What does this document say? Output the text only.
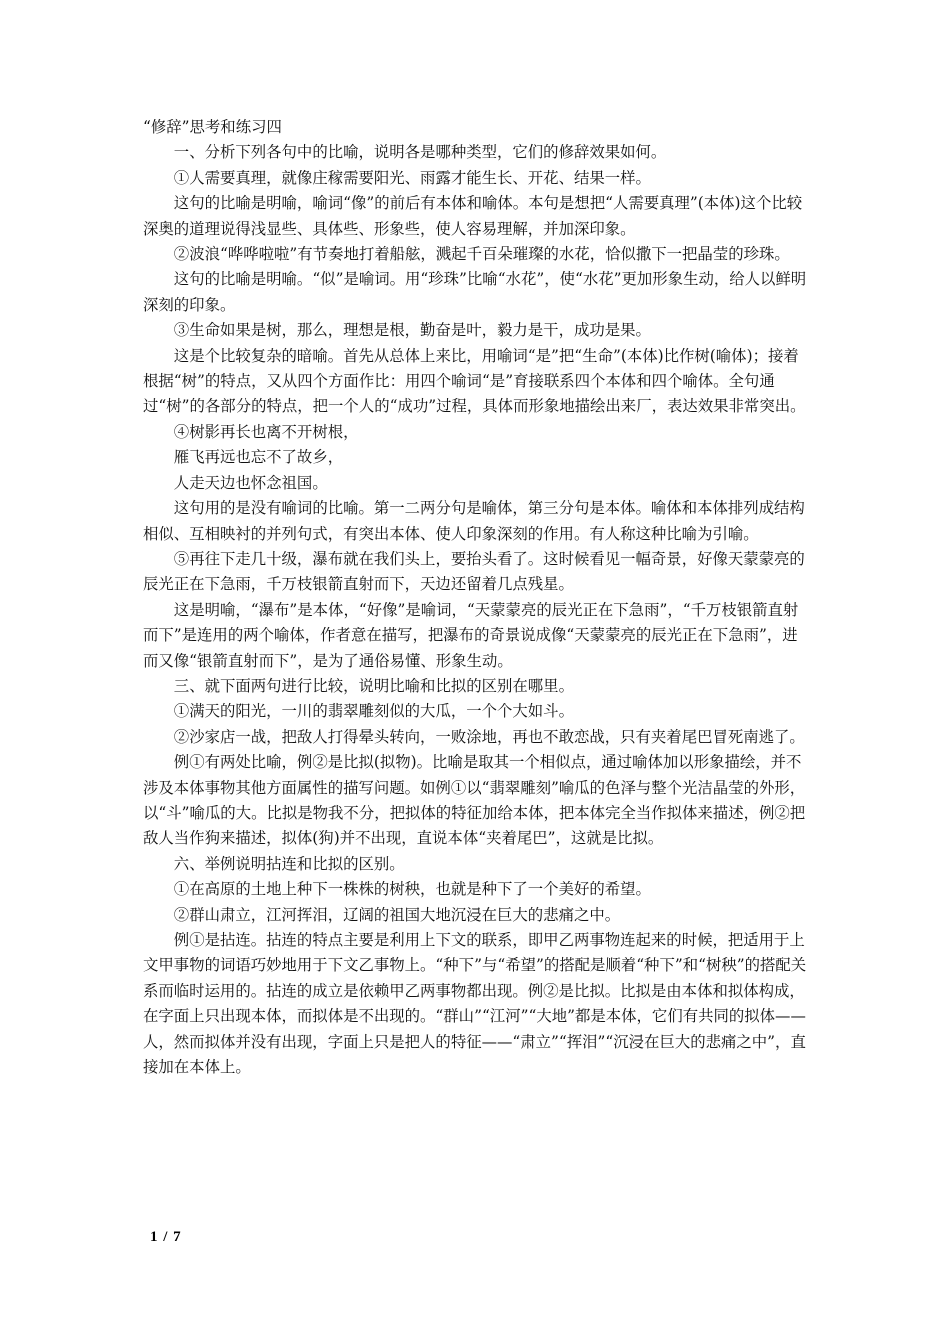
“修辞”思考和练习四

一、分析下列各句中的比喻，说明各是哪种类型，它们的修辞效果如何。

①人需要真理，就像庄稼需要阳光、雨露才能生长、开花、结果一样。

这句的比喻是明喻，喻词“像”的前后有本体和喻体。本句是想把“人需要真理”(本体)这个比较深奥的道理说得浅显些、具体些、形象些，使人容易理解，并加深印象。

②波浪“哗哗啦啦”有节奏地打着船舷，溅起千百朵璀璨的水花，恰似撒下一把晶莹的珍珠。

这句的比喻是明喻。“似”是喻词。用“珍珠”比喻“水花”，使“水花”更加形象生动，给人以鲜明深刻的印象。

③生命如果是树，那么，理想是根，勤奋是叶，毅力是干，成功是果。

这是个比较复杂的暗喻。首先从总体上来比，用喻词“是”把“生命”(本体)比作树(喻体)；接着根据“树”的特点，又从四个方面作比：用四个喻词“是”育接联系四个本体和四个喻体。全句通过“树”的各部分的特点，把一个人的“成功”过程，具体而形象地描绘出来厂，表达效果非常突出。

④树影再长也离不开树根，

雁飞再远也忘不了故乡，

人走天边也怀念祖国。

这句用的是没有喻词的比喻。第一二两分句是喻体，第三分句是本体。喻体和本体排列成结构相似、互相映衬的并列句式，有突出本体、使人印象深刻的作用。有人称这种比喻为引喻。

⑤再往下走几十级，瀑布就在我们头上，要抬头看了。这时候看见一幅奇景，好像天蒙蒙亮的辰光正在下急雨，千万枝银箭直射而下，天边还留着几点残星。

这是明喻，“瀑布”是本体，“好像”是喻词，“天蒙蒙亮的辰光正在下急雨”，“千万枝银箭直射而下”是连用的两个喻体，作者意在描写，把瀑布的奇景说成像“天蒙蒙亮的辰光正在下急雨”，进而又像“银箭直射而下”，是为了通俗易懂、形象生动。

三、就下面两句进行比较，说明比喻和比拟的区别在哪里。

①满天的阳光，一川的翡翠雕刻似的大瓜，一个个大如斗。

②沙家店一战，把敌人打得晕头转向，一败涂地，再也不敢恋战，只有夹着尾巴冒死南逃了。

例①有两处比喻，例②是比拟(拟物)。比喻是取其一个相似点，通过喻体加以形象描绘，并不涉及本体事物其他方面属性的描写问题。如例①以“翡翠雕刻”喻瓜的色泽与整个光洁晶莹的外形，以“斗”喻瓜的大。比拟是物我不分，把拟体的特征加给本体，把本体完全当作拟体来描述，例②把敌人当作狗来描述，拟体(狗)并不出现，直说本体“夹着尾巴”，这就是比拟。

六、举例说明拈连和比拟的区别。

①在高原的土地上种下一株株的树秧，也就是种下了一个美好的希望。

②群山肃立，江河挥泪，辽阔的祖国大地沉浸在巨大的悲痛之中。

例①是拈连。拈连的特点主要是利用上下文的联系，即甲乙两事物连起来的时候，把适用于上文甲事物的词语巧妙地用于下文乙事物上。“种下”与“希望”的搭配是顺着“种下”和“树秧”的搭配关系而临时运用的。拈连的成立是依赖甲乙两事物都出现。例②是比拟。比拟是由本体和拟体构成，在字面上只出现本体，而拟体是不出现的。“群山”“江河”“大地”都是本体，它们有共同的拟体——人，然而拟体并没有出现，字面上只是把人的特征——“肃立”“挥泪”“沉浸在巨大的悲痛之中”，直接加在本体上。

1 / 7
